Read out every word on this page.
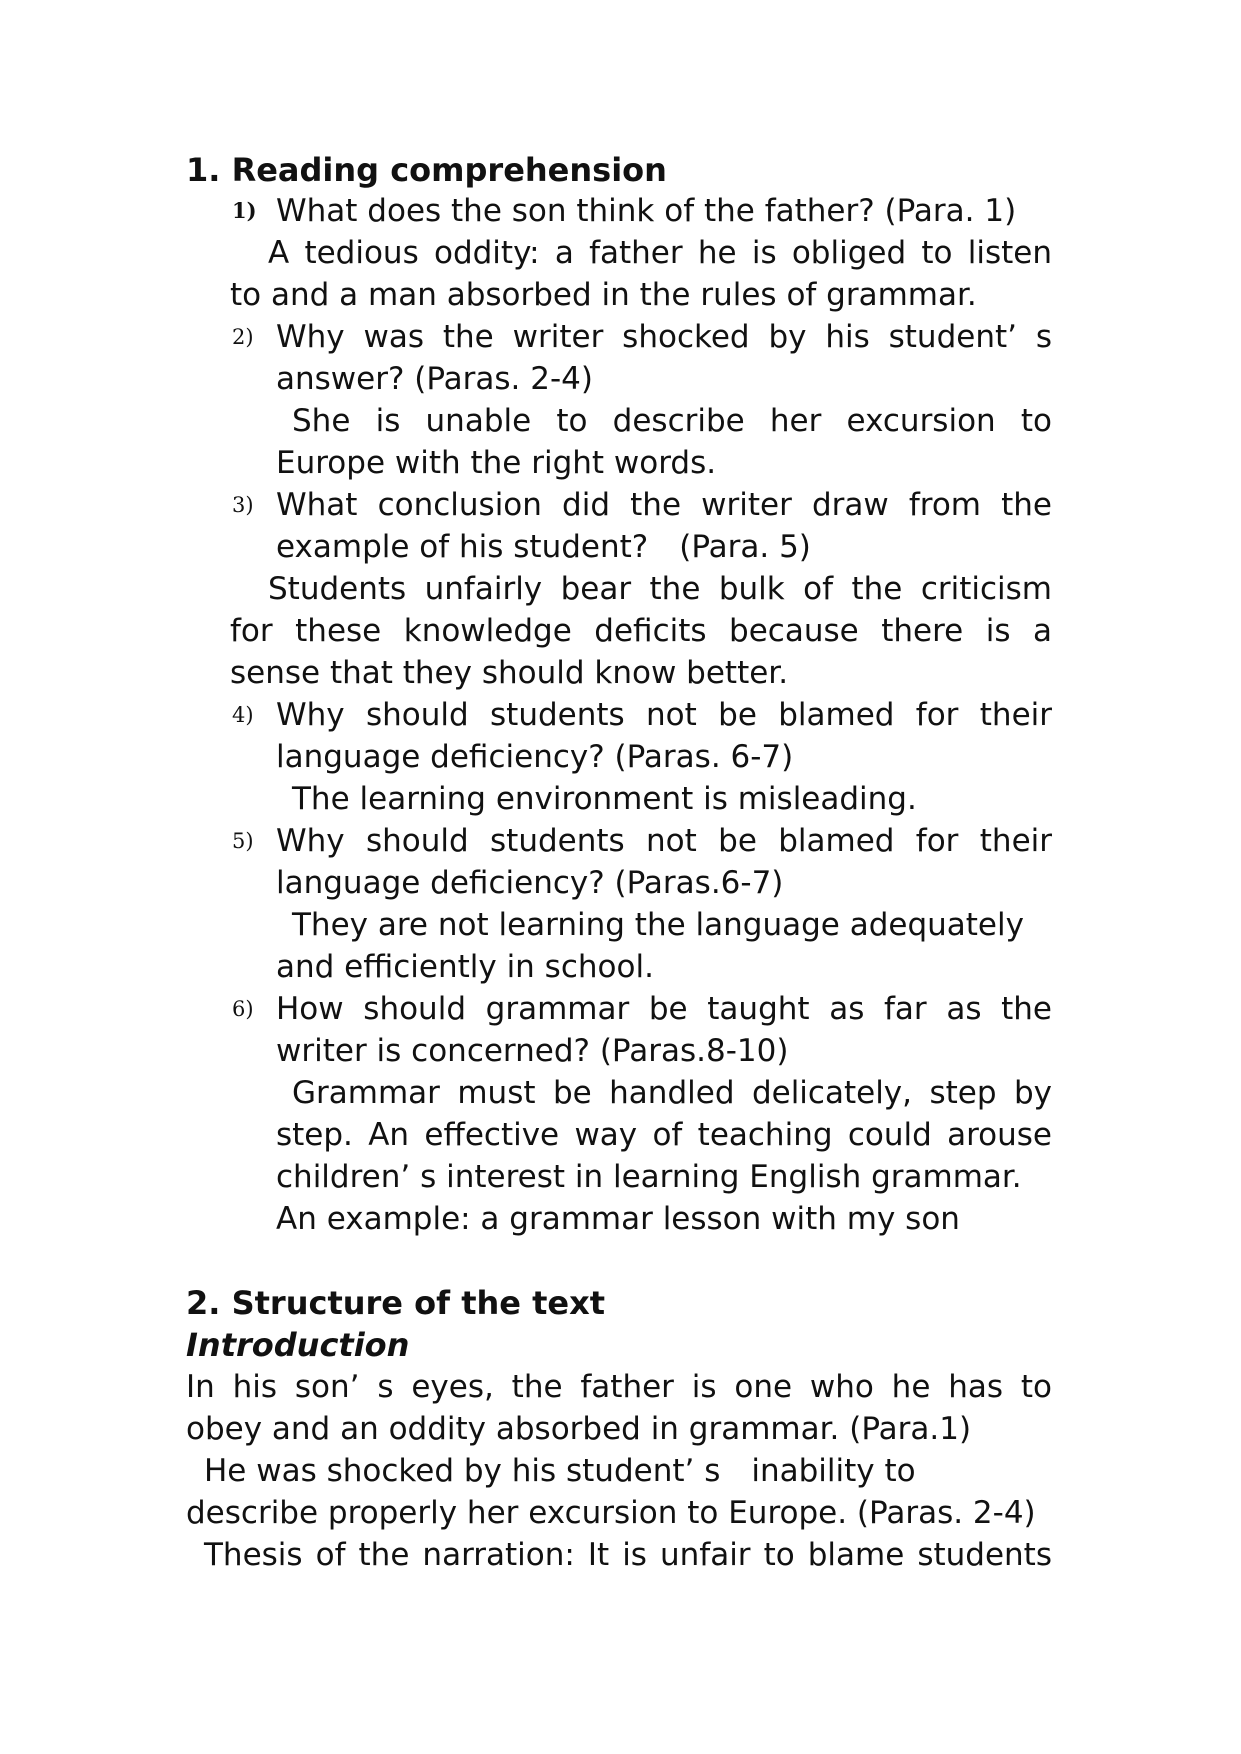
1. Reading comprehension
1) What does the son think of the father? (Para. 1)
A tedious oddity: a father he is obliged to listen
to and a man absorbed in the rules of grammar.
2) Why was the writer shocked by his student’ s
answer? (Paras. 2-4)
She is unable to describe her excursion to
Europe with the right words.
3) What conclusion did the writer draw from the
example of his student?　(Para. 5)
Students unfairly bear the bulk of the criticism
for these knowledge deficits because there is a
sense that they should know better.
4) Why should students not be blamed for their
language deficiency? (Paras. 6-7)
The learning environment is misleading.
5) Why should students not be blamed for their
language deficiency? (Paras.6-7)
They are not learning the language adequately
and efficiently in school.
6) How should grammar be taught as far as the
writer is concerned? (Paras.8-10)
Grammar must be handled delicately, step by
step. An effective way of teaching could arouse
children’ s interest in learning English grammar.
An example: a grammar lesson with my son
2. Structure of the text
Introduction
In his son’ s eyes, the father is one who he has to
obey and an oddity absorbed in grammar. (Para.1)
He was shocked by his student’ s　inability to
describe properly her excursion to Europe. (Paras. 2-4)
Thesis of the narration: It is unfair to blame students
